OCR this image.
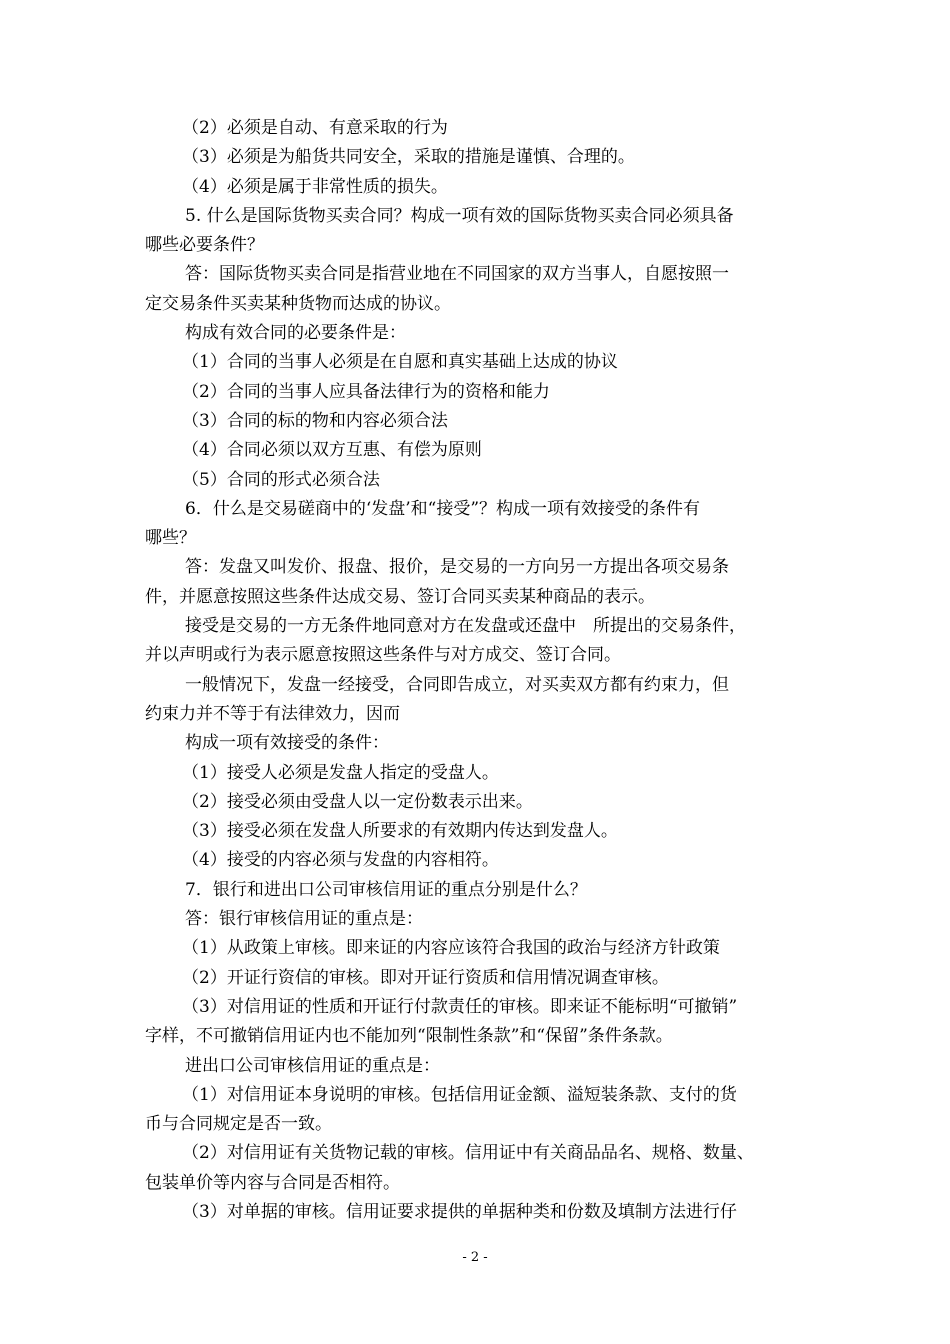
（2）必须是自动、有意采取的行为
（3）必须是为船货共同安全，采取的措施是谨慎、合理的。
（4）必须是属于非常性质的损失。
5. 什么是国际货物买卖合同？构成一项有效的国际货物买卖合同必须具备
哪些必要条件？
答：国际货物买卖合同是指营业地在不同国家的双方当事人，自愿按照一
定交易条件买卖某种货物而达成的协议。
构成有效合同的必要条件是：
（1）合同的当事人必须是在自愿和真实基础上达成的协议
（2）合同的当事人应具备法律行为的资格和能力
（3）合同的标的物和内容必须合法
（4）合同必须以双方互惠、有偿为原则
（5）合同的形式必须合法
6．什么是交易磋商中的‘发盘’和“接受”？构成一项有效接受的条件有
哪些？
答：发盘又叫发价、报盘、报价，是交易的一方向另一方提出各项交易条
件，并愿意按照这些条件达成交易、签订合同买卖某种商品的表示。
接受是交易的一方无条件地同意对方在发盘或还盘中　所提出的交易条件，
并以声明或行为表示愿意按照这些条件与对方成交、签订合同。
一般情况下，发盘一经接受，合同即告成立，对买卖双方都有约束力，但
约束力并不等于有法律效力，因而
构成一项有效接受的条件：
（1）接受人必须是发盘人指定的受盘人。
（2）接受必须由受盘人以一定份数表示出来。
（3）接受必须在发盘人所要求的有效期内传达到发盘人。
（4）接受的内容必须与发盘的内容相符。
7．银行和进出口公司审核信用证的重点分别是什么？
答：银行审核信用证的重点是：
（1）从政策上审核。即来证的内容应该符合我国的政治与经济方针政策
（2）开证行资信的审核。即对开证行资质和信用情况调查审核。
（3）对信用证的性质和开证行付款责任的审核。即来证不能标明“可撤销”
字样，不可撤销信用证内也不能加列“限制性条款”和“保留”条件条款。
进出口公司审核信用证的重点是：
（1）对信用证本身说明的审核。包括信用证金额、溢短装条款、支付的货
币与合同规定是否一致。
（2）对信用证有关货物记载的审核。信用证中有关商品品名、规格、数量、
包装单价等内容与合同是否相符。
（3）对单据的审核。信用证要求提供的单据种类和份数及填制方法进行仔
- 2 -
